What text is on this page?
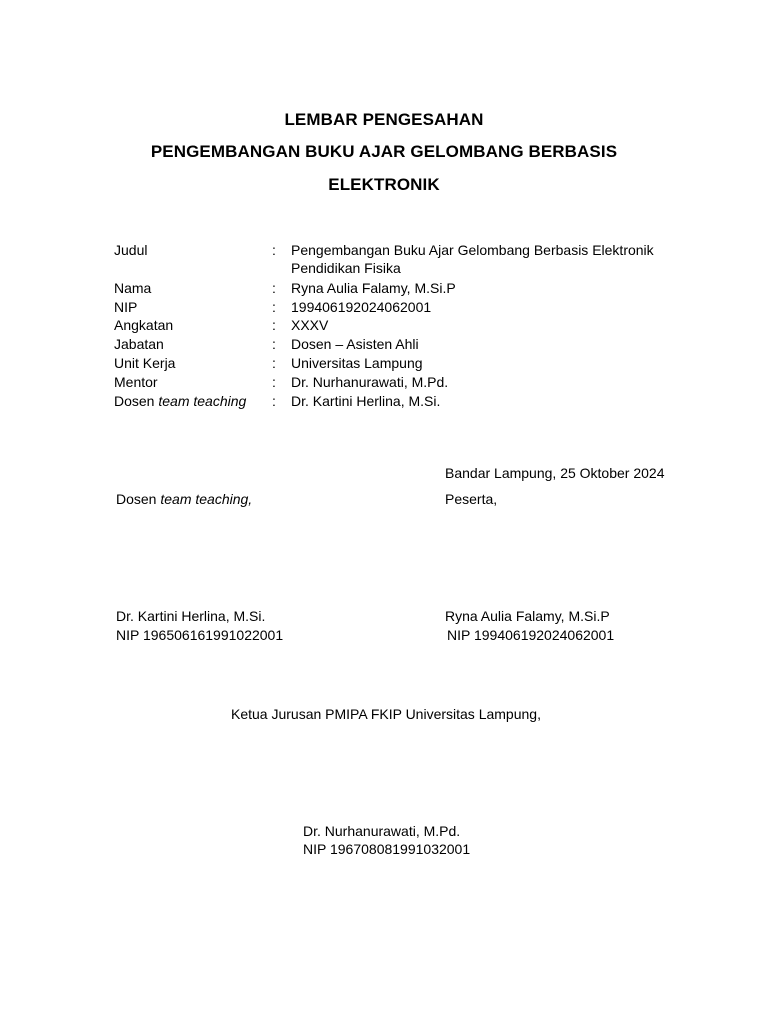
LEMBAR PENGESAHAN
PENGEMBANGAN BUKU AJAR GELOMBANG BERBASIS
ELEKTRONIK
Judul	: Pengembangan Buku Ajar Gelombang Berbasis Elektronik
Pendidikan Fisika
Nama	: Ryna Aulia Falamy, M.Si.P
NIP	: 199406192024062001
Angkatan	: XXXV
Jabatan	: Dosen – Asisten Ahli
Unit Kerja	: Universitas Lampung
Mentor	: Dr. Nurhanurawati, M.Pd.
Dosen team teaching : Dr. Kartini Herlina, M.Si.
Bandar Lampung, 25 Oktober 2024
Dosen team teaching,	Peserta,
Dr. Kartini Herlina, M.Si.
NIP 196506161991022001
Ryna Aulia Falamy, M.Si.P
NIP 199406192024062001
Ketua Jurusan PMIPA FKIP Universitas Lampung,
Dr. Nurhanurawati, M.Pd.
NIP 196708081991032001
